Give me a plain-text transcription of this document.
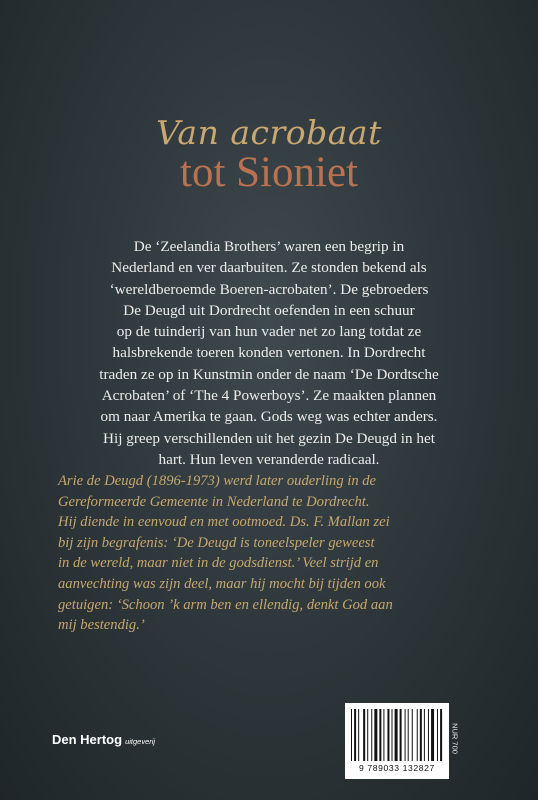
Van acrobaat
tot Sioniet
De ‘Zeelandia Brothers’ waren een begrip in
Nederland en ver daarbuiten. Ze stonden bekend als
‘wereldberoemde Boeren-acrobaten’. De gebroeders
De Deugd uit Dordrecht oefenden in een schuur
op de tuinderij van hun vader net zo lang totdat ze
halsbrekende toeren konden vertonen. In Dordrecht
traden ze op in Kunstmin onder de naam ‘De Dordtsche
Acrobaten’ of ‘The 4 Powerboys’. Ze maakten plannen
om naar Amerika te gaan. Gods weg was echter anders.
Hij greep verschillenden uit het gezin De Deugd in het
hart. Hun leven veranderde radicaal.
Arie de Deugd (1896-1973) werd later ouderling in de
Gereformeerde Gemeente in Nederland te Dordrecht.
Hij diende in eenvoud en met ootmoed. Ds. F. Mallan zei
bij zijn begrafenis: ‘De Deugd is toneelspeler geweest
in de wereld, maar niet in de godsdienst.’ Veel strijd en
aanvechting was zijn deel, maar hij mocht bij tijden ook
getuigen: ‘Schoon ’k arm ben en ellendig, denkt God aan
mij bestendig.’
Den Hertog uitgeverij
9 789033 132827
NUR 700
